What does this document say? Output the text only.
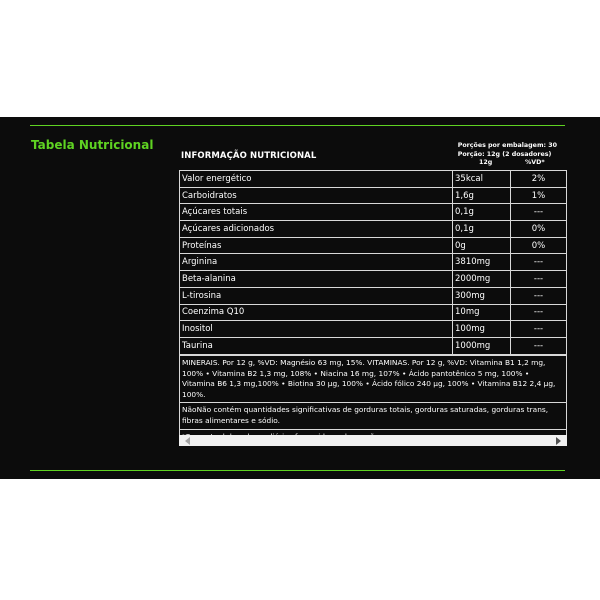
Tabela Nutricional
INFORMAÇÃO NUTRICIONAL
Porções por embalagem: 30
Porção: 12g (2 dosadores)
12g	%VD*
Valor energético	35kcal	2%
Carboidratos	1,6g	1%
Açúcares totais	0,1g	---
Açúcares adicionados	0,1g	0%
Proteínas	0g	0%
Arginina	3810mg	---
Beta-alanina	2000mg	---
L-tirosina	300mg	---
Coenzima Q10	10mg	---
Inositol	100mg	---
Taurina	1000mg	---
MINERAIS. Por 12 g, %VD: Magnésio 63 mg, 15%. VITAMINAS. Por 12 g, %VD: Vitamina B1 1,2 mg, 100% • Vitamina B2 1,3 mg, 108% • Niacina 16 mg, 107% • Ácido pantotênico 5 mg, 100% • Vitamina B6 1,3 mg,100% • Biotina 30 μg, 100% • Ácido fólico 240 μg, 100% • Vitamina B12 2,4 μg, 100%.
NãoNão contém quantidades significativas de gorduras totais, gorduras saturadas, gorduras trans, fibras alimentares e sódio.
